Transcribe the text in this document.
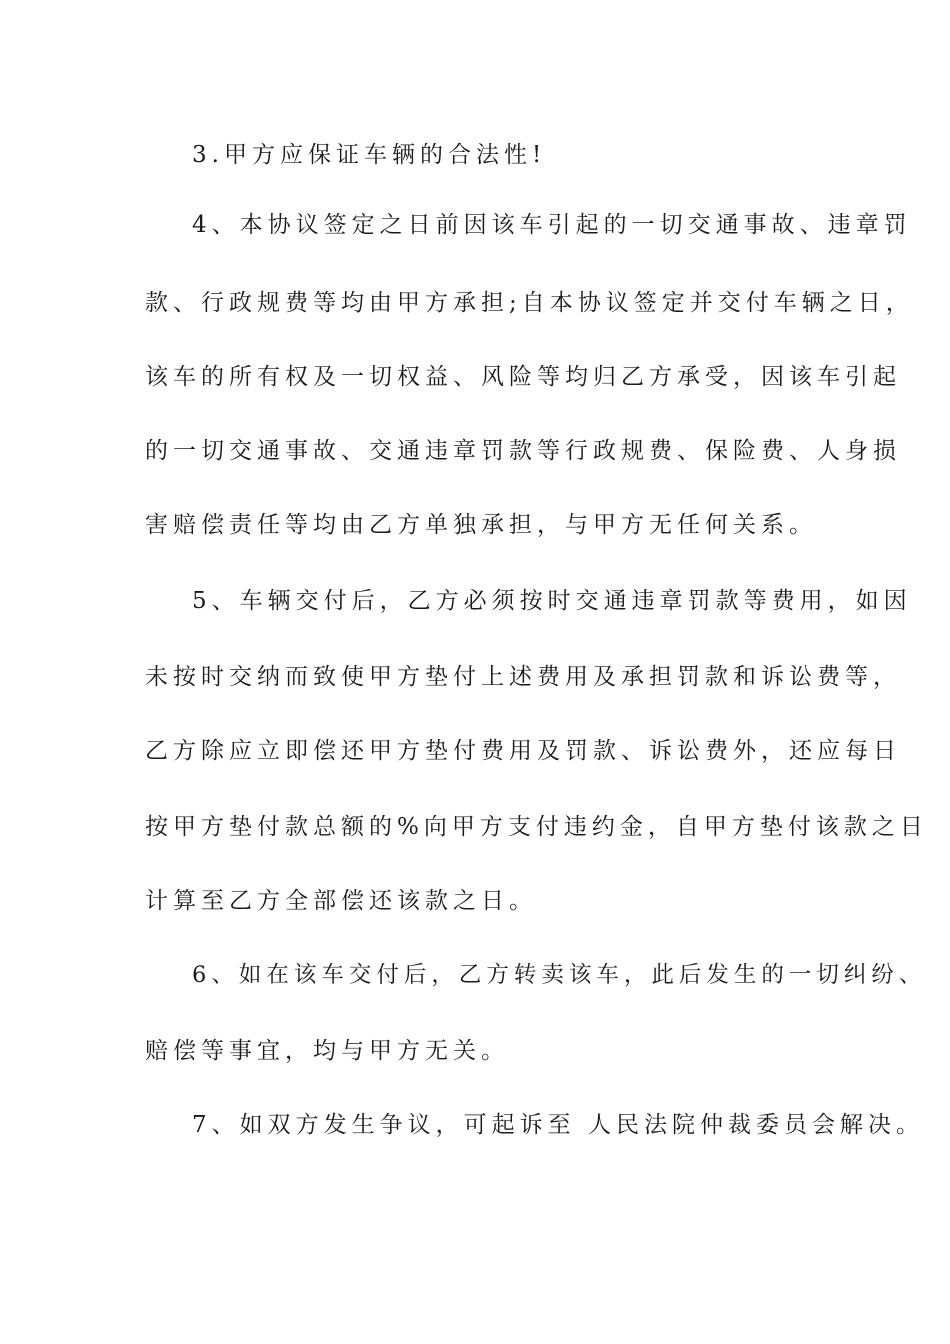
3.甲方应保证车辆的合法性!
4、本协议签定之日前因该车引起的一切交通事故、违章罚
款、行政规费等均由甲方承担;自本协议签定并交付车辆之日，
该车的所有权及一切权益、风险等均归乙方承受，因该车引起
的一切交通事故、交通违章罚款等行政规费、保险费、人身损
害赔偿责任等均由乙方单独承担，与甲方无任何关系。
5、车辆交付后，乙方必须按时交通违章罚款等费用，如因
未按时交纳而致使甲方垫付上述费用及承担罚款和诉讼费等，
乙方除应立即偿还甲方垫付费用及罚款、诉讼费外，还应每日
按甲方垫付款总额的%向甲方支付违约金，自甲方垫付该款之日
计算至乙方全部偿还该款之日。
6、如在该车交付后，乙方转卖该车，此后发生的一切纠纷、
赔偿等事宜，均与甲方无关。
7、如双方发生争议，可起诉至 人民法院仲裁委员会解决。
